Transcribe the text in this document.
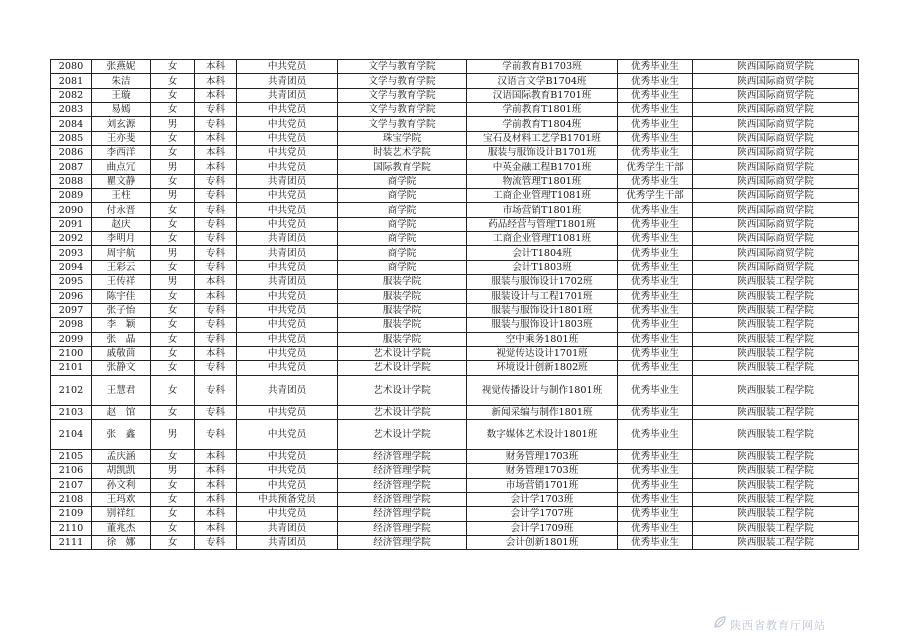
2080	张燕妮	女	本科	中共党员	文学与教育学院	学前教育B1703班	优秀毕业生	陕西国际商贸学院
2081	朱洁	女	本科	共青团员	文学与教育学院	汉语言文学B1704班	优秀毕业生	陕西国际商贸学院
2082	王璇	女	本科	共青团员	文学与教育学院	汉语国际教育B1701班	优秀毕业生	陕西国际商贸学院
2083	易嫣	女	专科	中共党员	文学与教育学院	学前教育T1801班	优秀毕业生	陕西国际商贸学院
2084	刘玄源	男	专科	中共党员	文学与教育学院	学前教育T1804班	优秀毕业生	陕西国际商贸学院
2085	王亦斐	女	本科	中共党员	珠宝学院	宝石及材料工艺学B1701班	优秀毕业生	陕西国际商贸学院
2086	李西洋	女	本科	中共党员	时装艺术学院	服装与服饰设计B1701班	优秀毕业生	陕西国际商贸学院
2087	曲点冗	男	本科	中共党员	国际教育学院	中英金融工程B1701班	优秀学生干部	陕西国际商贸学院
2088	瞿文静	女	专科	共青团员	商学院	物流管理T1801班	优秀毕业生	陕西国际商贸学院
2089	王柱	男	专科	中共党员	商学院	工商企业管理T1081班	优秀学生干部	陕西国际商贸学院
2090	付永晋	女	专科	中共党员	商学院	市场营销T1801班	优秀毕业生	陕西国际商贸学院
2091	赵庆	女	专科	中共党员	商学院	药品经营与管理T1801班	优秀毕业生	陕西国际商贸学院
2092	李明月	女	专科	共青团员	商学院	工商企业管理T1081班	优秀毕业生	陕西国际商贸学院
2093	周宇航	男	专科	共青团员	商学院	会计T1804班	优秀毕业生	陕西国际商贸学院
2094	王彩云	女	专科	中共党员	商学院	会计T1803班	优秀毕业生	陕西国际商贸学院
2095	王传祥	男	本科	共青团员	服装学院	服装与服饰设计1702班	优秀毕业生	陕西服装工程学院
2096	陈宇佳	女	本科	中共党员	服装学院	服装设计与工程1701班	优秀毕业生	陕西服装工程学院
2097	张子怡	女	专科	中共党员	服装学院	服装与服饰设计1801班	优秀毕业生	陕西服装工程学院
2098	李　颖	女	专科	中共党员	服装学院	服装与服饰设计1803班	优秀毕业生	陕西服装工程学院
2099	张　晶	女	专科	中共党员	服装学院	空中乘务1801班	优秀毕业生	陕西服装工程学院
2100	戚敬茴	女	本科	中共党员	艺术设计学院	视觉传达设计1701班	优秀毕业生	陕西服装工程学院
2101	张静文	女	专科	中共党员	艺术设计学院	环境设计创新1802班	优秀毕业生	陕西服装工程学院
2102	王慧君	女	专科	共青团员	艺术设计学院	视觉传播设计与制作1801班	优秀毕业生	陕西服装工程学院
2103	赵　馆	女	专科	中共党员	艺术设计学院	新闻采编与制作1801班	优秀毕业生	陕西服装工程学院
2104	张　鑫	男	专科	中共党员	艺术设计学院	数字媒体艺术设计1801班	优秀毕业生	陕西服装工程学院
2105	孟庆涵	女	本科	中共党员	经济管理学院	财务管理1703班	优秀毕业生	陕西服装工程学院
2106	胡凯凯	男	本科	中共党员	经济管理学院	财务管理1703班	优秀毕业生	陕西服装工程学院
2107	孙文利	女	本科	中共党员	经济管理学院	市场营销1701班	优秀毕业生	陕西服装工程学院
2108	王玛欢	女	本科	中共预备党员	经济管理学院	会计学1703班	优秀毕业生	陕西服装工程学院
2109	别祥红	女	本科	中共党员	经济管理学院	会计学1707班	优秀毕业生	陕西服装工程学院
2110	董兆杰	女	本科	共青团员	经济管理学院	会计学1709班	优秀毕业生	陕西服装工程学院
2111	徐　娜	女	专科	共青团员	经济管理学院	会计创新1801班	优秀毕业生	陕西服装工程学院
陕西省教育厅网站
